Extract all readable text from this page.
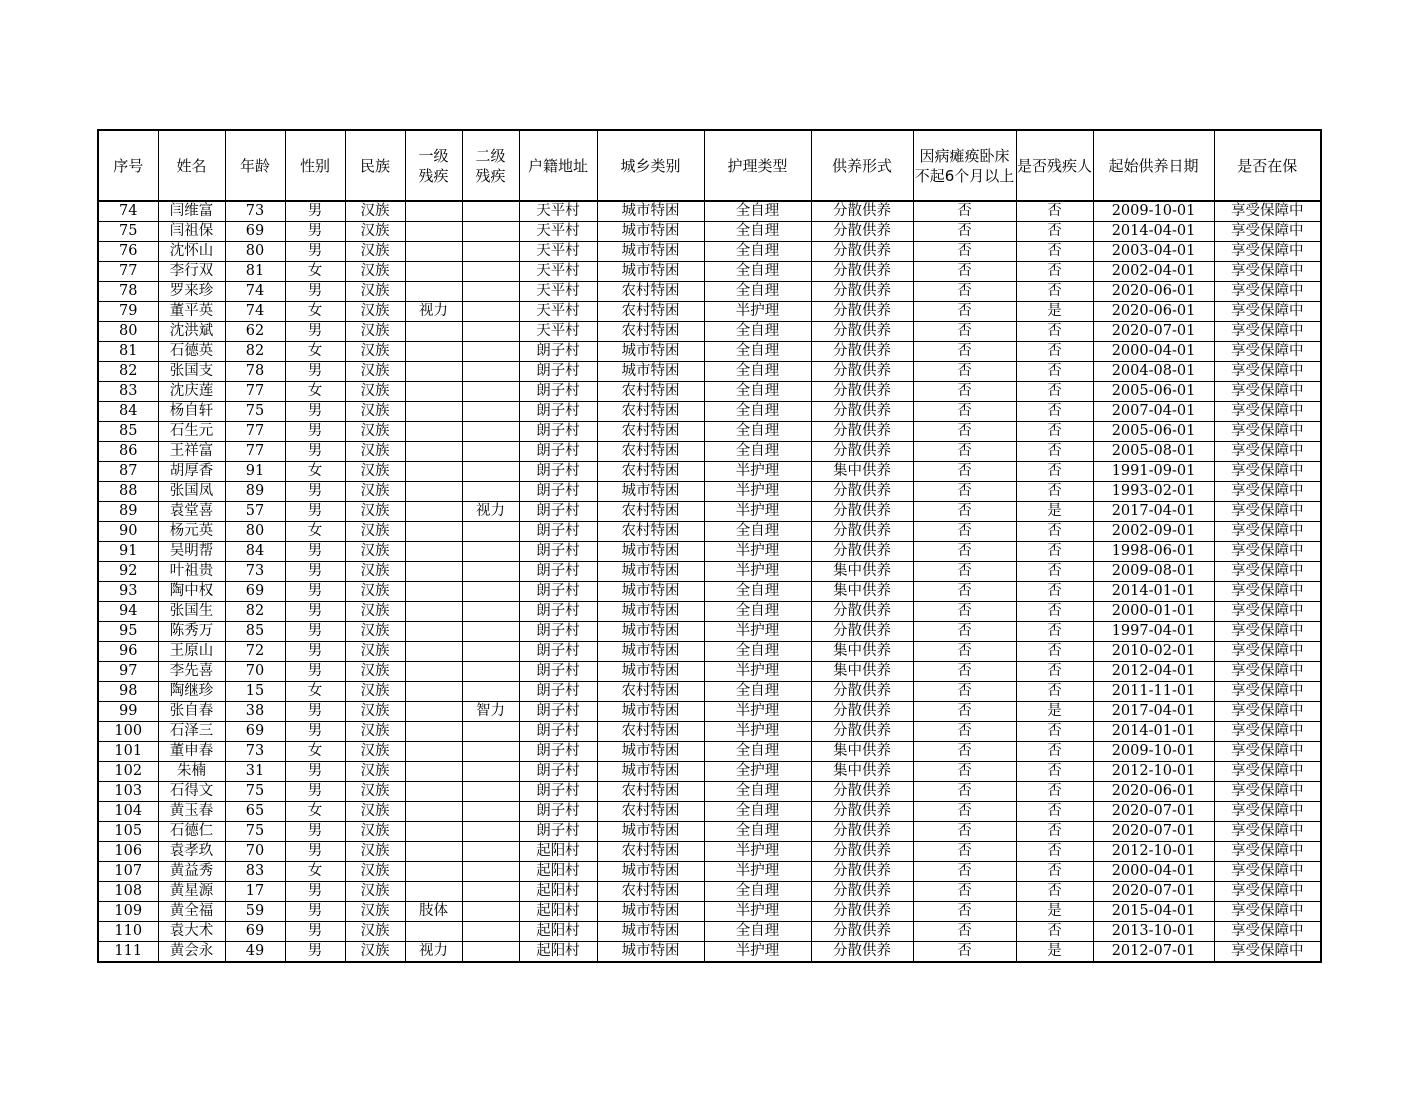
序号	姓名	年龄	性别	民族	一级残疾	二级残疾	户籍地址	城乡类别	护理类型	供养形式	因病瘫痪卧床不起6个月以上	是否残疾人	起始供养日期	是否在保
74	闫维富	73	男	汉族			天平村	城市特困	全自理	分散供养	否	否	2009-10-01	享受保障中
75	闫祖保	69	男	汉族			天平村	城市特困	全自理	分散供养	否	否	2014-04-01	享受保障中
76	沈怀山	80	男	汉族			天平村	城市特困	全自理	分散供养	否	否	2003-04-01	享受保障中
77	李行双	81	女	汉族			天平村	城市特困	全自理	分散供养	否	否	2002-04-01	享受保障中
78	罗来珍	74	男	汉族			天平村	农村特困	全自理	分散供养	否	否	2020-06-01	享受保障中
79	董平英	74	女	汉族	视力		天平村	农村特困	半护理	分散供养	否	是	2020-06-01	享受保障中
80	沈洪斌	62	男	汉族			天平村	农村特困	全自理	分散供养	否	否	2020-07-01	享受保障中
81	石德英	82	女	汉族			朗子村	城市特困	全自理	分散供养	否	否	2000-04-01	享受保障中
82	张国支	78	男	汉族			朗子村	城市特困	全自理	分散供养	否	否	2004-08-01	享受保障中
83	沈庆莲	77	女	汉族			朗子村	农村特困	全自理	分散供养	否	否	2005-06-01	享受保障中
84	杨自轩	75	男	汉族			朗子村	农村特困	全自理	分散供养	否	否	2007-04-01	享受保障中
85	石生元	77	男	汉族			朗子村	农村特困	全自理	分散供养	否	否	2005-06-01	享受保障中
86	王祥富	77	男	汉族			朗子村	农村特困	全自理	分散供养	否	否	2005-08-01	享受保障中
87	胡厚香	91	女	汉族			朗子村	农村特困	半护理	集中供养	否	否	1991-09-01	享受保障中
88	张国凤	89	男	汉族			朗子村	城市特困	半护理	分散供养	否	否	1993-02-01	享受保障中
89	袁堂喜	57	男	汉族		视力	朗子村	农村特困	半护理	分散供养	否	是	2017-04-01	享受保障中
90	杨元英	80	女	汉族			朗子村	农村特困	全自理	分散供养	否	否	2002-09-01	享受保障中
91	吴明帮	84	男	汉族			朗子村	城市特困	半护理	分散供养	否	否	1998-06-01	享受保障中
92	叶祖贵	73	男	汉族			朗子村	城市特困	半护理	集中供养	否	否	2009-08-01	享受保障中
93	陶中权	69	男	汉族			朗子村	城市特困	全自理	集中供养	否	否	2014-01-01	享受保障中
94	张国生	82	男	汉族			朗子村	城市特困	全自理	分散供养	否	否	2000-01-01	享受保障中
95	陈秀万	85	男	汉族			朗子村	城市特困	半护理	分散供养	否	否	1997-04-01	享受保障中
96	王原山	72	男	汉族			朗子村	城市特困	全自理	集中供养	否	否	2010-02-01	享受保障中
97	李先喜	70	男	汉族			朗子村	城市特困	半护理	集中供养	否	否	2012-04-01	享受保障中
98	陶继珍	15	女	汉族			朗子村	农村特困	全自理	分散供养	否	否	2011-11-01	享受保障中
99	张自春	38	男	汉族		智力	朗子村	城市特困	半护理	分散供养	否	是	2017-04-01	享受保障中
100	石泽三	69	男	汉族			朗子村	农村特困	半护理	分散供养	否	否	2014-01-01	享受保障中
101	董申春	73	女	汉族			朗子村	城市特困	全自理	集中供养	否	否	2009-10-01	享受保障中
102	朱楠	31	男	汉族			朗子村	城市特困	全护理	集中供养	否	否	2012-10-01	享受保障中
103	石得文	75	男	汉族			朗子村	农村特困	全自理	分散供养	否	否	2020-06-01	享受保障中
104	黄玉春	65	女	汉族			朗子村	农村特困	全自理	分散供养	否	否	2020-07-01	享受保障中
105	石德仁	75	男	汉族			朗子村	城市特困	全自理	分散供养	否	否	2020-07-01	享受保障中
106	袁孝玖	70	男	汉族			起阳村	农村特困	半护理	分散供养	否	否	2012-10-01	享受保障中
107	黄益秀	83	女	汉族			起阳村	城市特困	半护理	分散供养	否	否	2000-04-01	享受保障中
108	黄星源	17	男	汉族			起阳村	农村特困	全自理	分散供养	否	否	2020-07-01	享受保障中
109	黄全福	59	男	汉族	肢体		起阳村	城市特困	半护理	分散供养	否	是	2015-04-01	享受保障中
110	袁大术	69	男	汉族			起阳村	城市特困	全自理	分散供养	否	否	2013-10-01	享受保障中
111	黄会永	49	男	汉族	视力		起阳村	城市特困	半护理	分散供养	否	是	2012-07-01	享受保障中
